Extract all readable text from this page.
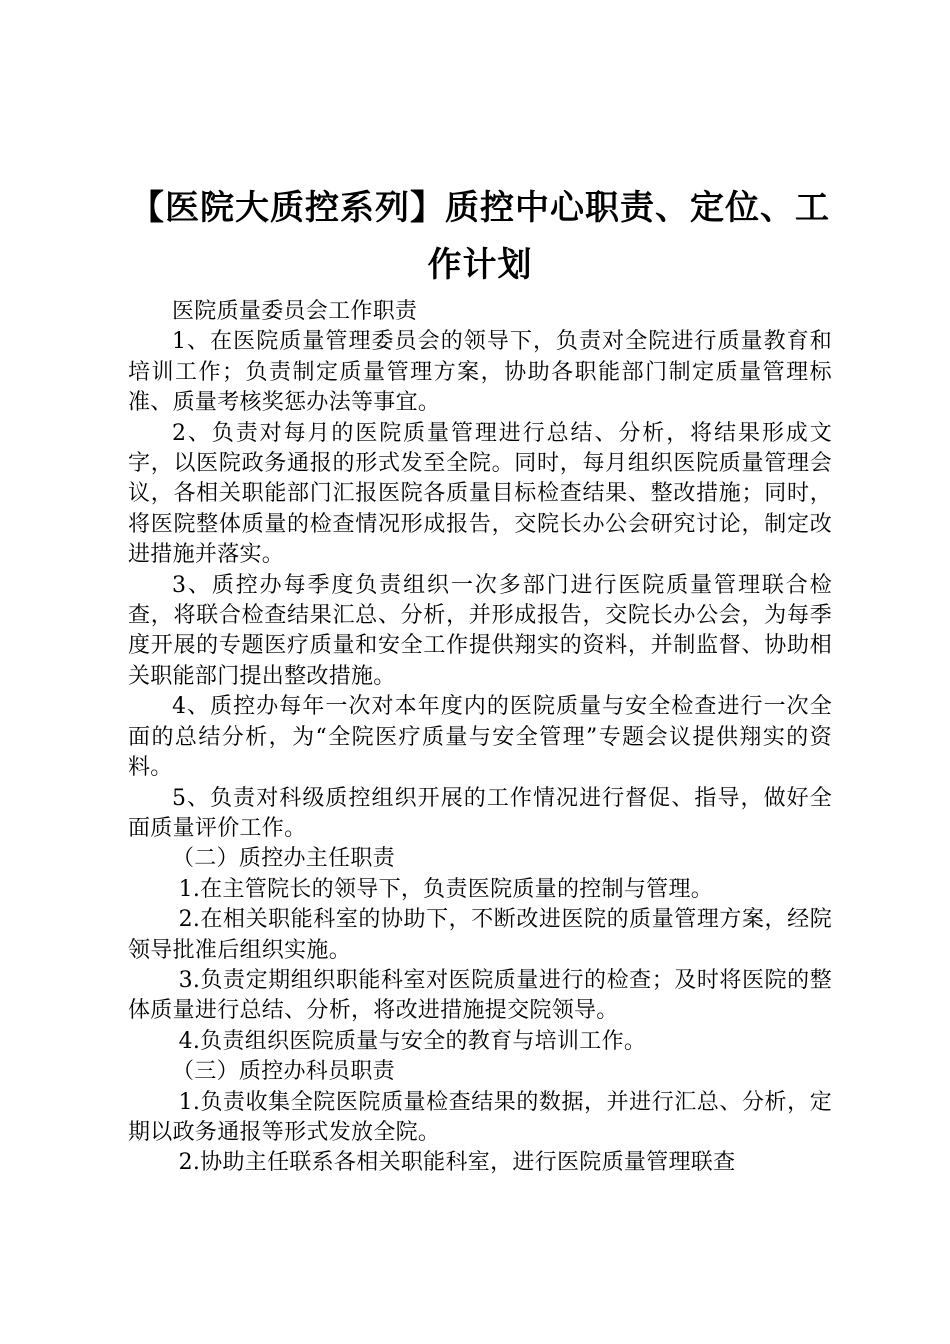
【医院大质控系列】质控中心职责、定位、工作计划

医院质量委员会工作职责

1、在医院质量管理委员会的领导下，负责对全院进行质量教育和培训工作；负责制定质量管理方案，协助各职能部门制定质量管理标准、质量考核奖惩办法等事宜。

2、负责对每月的医院质量管理进行总结、分析，将结果形成文字，以医院政务通报的形式发至全院。同时，每月组织医院质量管理会议，各相关职能部门汇报医院各质量目标检查结果、整改措施；同时，将医院整体质量的检查情况形成报告，交院长办公会研究讨论，制定改进措施并落实。

3、质控办每季度负责组织一次多部门进行医院质量管理联合检查，将联合检查结果汇总、分析，并形成报告，交院长办公会，为每季度开展的专题医疗质量和安全工作提供翔实的资料，并制监督、协助相关职能部门提出整改措施。

4、质控办每年一次对本年度内的医院质量与安全检查进行一次全面的总结分析，为“全院医疗质量与安全管理”专题会议提供翔实的资料。

5、负责对科级质控组织开展的工作情况进行督促、指导，做好全面质量评价工作。

（二）质控办主任职责

1.在主管院长的领导下，负责医院质量的控制与管理。

2.在相关职能科室的协助下，不断改进医院的质量管理方案，经院领导批准后组织实施。

3.负责定期组织职能科室对医院质量进行的检查；及时将医院的整体质量进行总结、分析，将改进措施提交院领导。

4.负责组织医院质量与安全的教育与培训工作。

（三）质控办科员职责

1.负责收集全院医院质量检查结果的数据，并进行汇总、分析，定期以政务通报等形式发放全院。

2.协助主任联系各相关职能科室，进行医院质量管理联查
